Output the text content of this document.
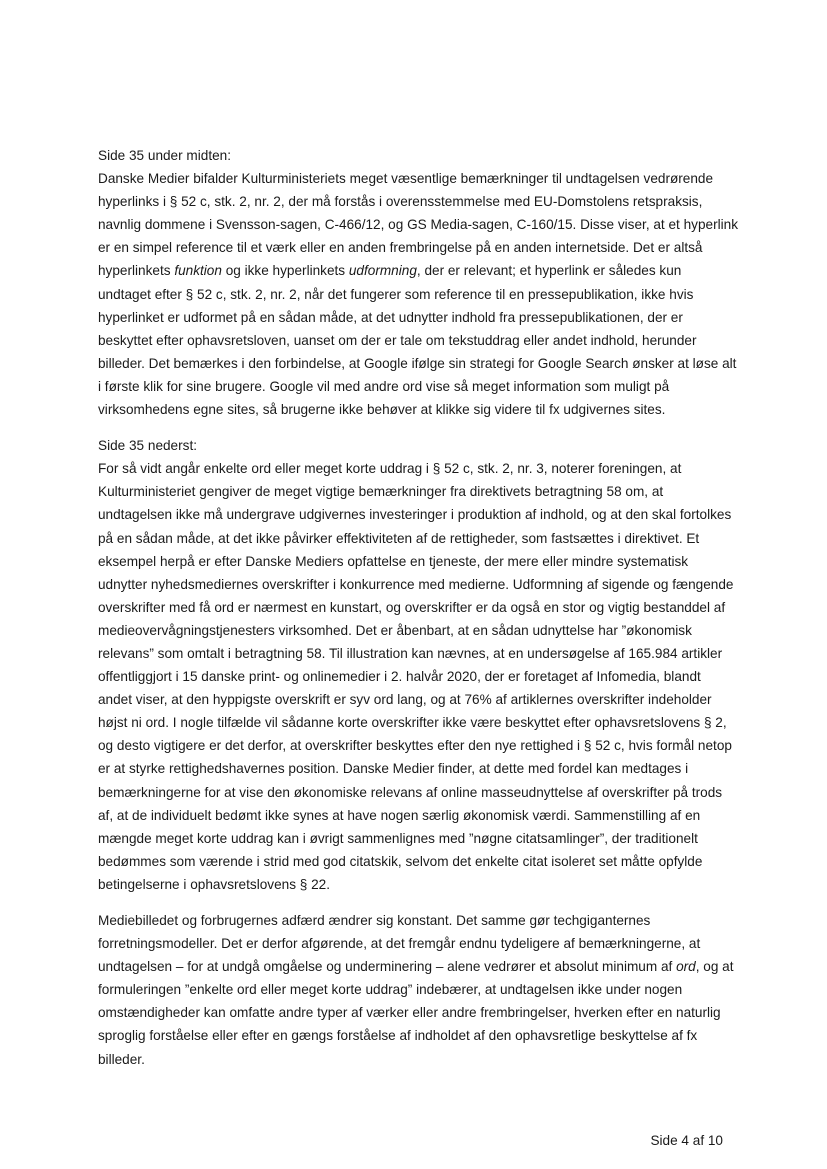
Side 35 under midten:

Danske Medier bifalder Kulturministeriets meget væsentlige bemærkninger til undtagelsen vedrørende hyperlinks i § 52 c, stk. 2, nr. 2, der må forstås i overensstemmelse med EU-Domstolens retspraksis, navnlig dommene i Svensson-sagen, C-466/12, og GS Media-sagen, C-160/15. Disse viser, at et hyperlink er en simpel reference til et værk eller en anden frembringelse på en anden internetside. Det er altså hyperlinkets funktion og ikke hyperlinkets udformning, der er relevant; et hyperlink er således kun undtaget efter § 52 c, stk. 2, nr. 2, når det fungerer som reference til en pressepublikation, ikke hvis hyperlinket er udformet på en sådan måde, at det udnytter indhold fra pressepublikationen, der er beskyttet efter ophavsretsloven, uanset om der er tale om tekstuddrag eller andet indhold, herunder billeder. Det bemærkes i den forbindelse, at Google ifølge sin strategi for Google Search ønsker at løse alt i første klik for sine brugere. Google vil med andre ord vise så meget information som muligt på virksomhedens egne sites, så brugerne ikke behøver at klikke sig videre til fx udgivernes sites.

Side 35 nederst:

For så vidt angår enkelte ord eller meget korte uddrag i § 52 c, stk. 2, nr. 3, noterer foreningen, at Kulturministeriet gengiver de meget vigtige bemærkninger fra direktivets betragtning 58 om, at undtagelsen ikke må undergrave udgivernes investeringer i produktion af indhold, og at den skal fortolkes på en sådan måde, at det ikke påvirker effektiviteten af de rettigheder, som fastsættes i direktivet. Et eksempel herpå er efter Danske Mediers opfattelse en tjeneste, der mere eller mindre systematisk udnytter nyhedsmediernes overskrifter i konkurrence med medierne. Udformning af sigende og fængende overskrifter med få ord er nærmest en kunstart, og overskrifter er da også en stor og vigtig bestanddel af medieovervågningstjenesters virksomhed. Det er åbenbart, at en sådan udnyttelse har ”økonomisk relevans” som omtalt i betragtning 58. Til illustration kan nævnes, at en undersøgelse af 165.984 artikler offentliggjort i 15 danske print- og onlinemedier i 2. halvår 2020, der er foretaget af Infomedia, blandt andet viser, at den hyppigste overskrift er syv ord lang, og at 76% af artiklernes overskrifter indeholder højst ni ord. I nogle tilfælde vil sådanne korte overskrifter ikke være beskyttet efter ophavsretslovens § 2, og desto vigtigere er det derfor, at overskrifter beskyttes efter den nye rettighed i § 52 c, hvis formål netop er at styrke rettighedshavernes position. Danske Medier finder, at dette med fordel kan medtages i bemærkningerne for at vise den økonomiske relevans af online masseudnyttelse af overskrifter på trods af, at de individuelt bedømt ikke synes at have nogen særlig økonomisk værdi. Sammenstilling af en mængde meget korte uddrag kan i øvrigt sammenlignes med ”nøgne citatsamlinger”, der traditionelt bedømmes som værende i strid med god citatskik, selvom det enkelte citat isoleret set måtte opfylde betingelserne i ophavsretslovens § 22.

Mediebilledet og forbrugernes adfærd ændrer sig konstant. Det samme gør techgiganternes forretningsmodeller. Det er derfor afgørende, at det fremgår endnu tydeligere af bemærkningerne, at undtagelsen – for at undgå omgåelse og underminering – alene vedrører et absolut minimum af ord, og at formuleringen ”enkelte ord eller meget korte uddrag” indebærer, at undtagelsen ikke under nogen omstændigheder kan omfatte andre typer af værker eller andre frembringelser, hverken efter en naturlig sproglig forståelse eller efter en gængs forståelse af indholdet af den ophavsretlige beskyttelse af fx billeder.

Side 4 af 10
